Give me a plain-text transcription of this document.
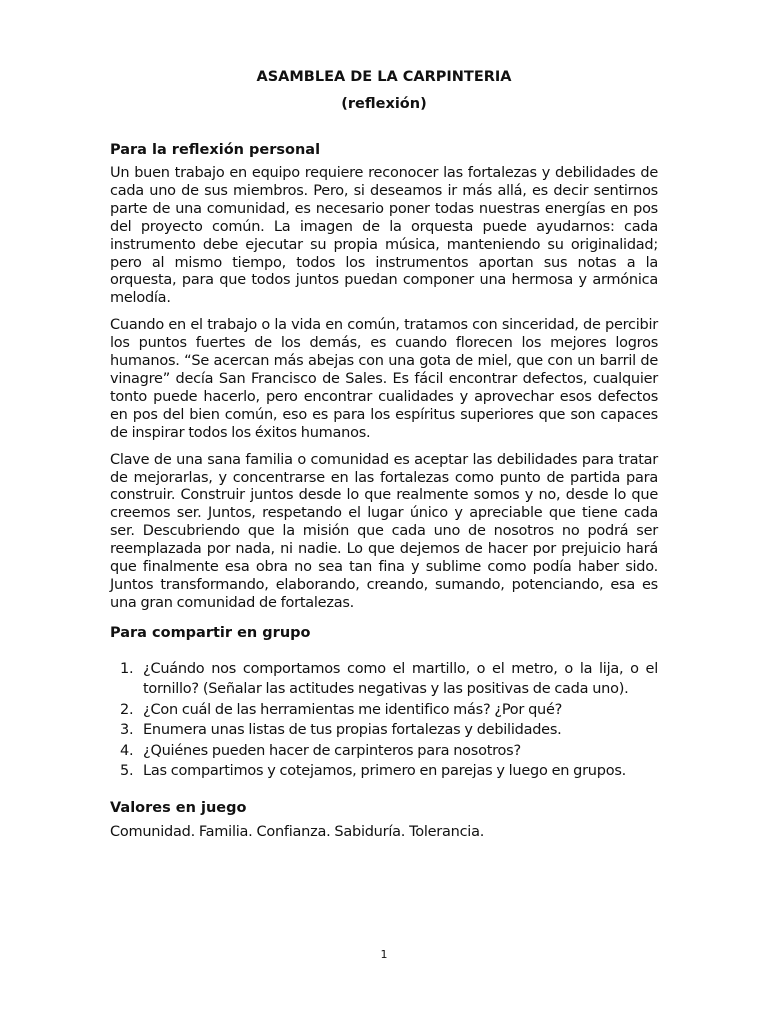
ASAMBLEA DE LA CARPINTERIA
(reflexión)
Para la reflexión personal

Un buen trabajo en equipo requiere reconocer las fortalezas y debilidades de cada uno de sus miembros. Pero, si deseamos ir más allá, es decir sentirnos parte de una comunidad, es necesario poner todas nuestras energías en pos del proyecto común. La imagen de la orquesta puede ayudarnos: cada instrumento debe ejecutar su propia música, manteniendo su originalidad; pero al mismo tiempo, todos los instrumentos aportan sus notas a la orquesta, para que todos juntos puedan componer una hermosa y armónica melodía.

Cuando en el trabajo o la vida en común, tratamos con sinceridad, de percibir los puntos fuertes de los demás, es cuando florecen los mejores logros humanos. “Se acercan más abejas con una gota de miel, que con un barril de vinagre” decía San Francisco de Sales. Es fácil encontrar defectos, cualquier tonto puede hacerlo, pero encontrar cualidades y aprovechar esos defectos en pos del bien común, eso es para los espíritus superiores que son capaces de inspirar todos los éxitos humanos.

Clave de una sana familia o comunidad es aceptar las debilidades para tratar de mejorarlas, y concentrarse en las fortalezas como punto de partida para construir. Construir juntos desde lo que realmente somos y no, desde lo que creemos ser. Juntos, respetando el lugar único y apreciable que tiene cada ser. Descubriendo que la misión que cada uno de nosotros no podrá ser reemplazada por nada, ni nadie. Lo que dejemos de hacer por prejuicio hará que finalmente esa obra no sea tan fina y sublime como podía haber sido. Juntos transformando, elaborando, creando, sumando, potenciando, esa es una gran comunidad de fortalezas.

Para compartir en grupo
1. ¿Cuándo nos comportamos como el martillo, o el metro, o la lija, o el tornillo? (Señalar las actitudes negativas y las positivas de cada uno).
2. ¿Con cuál de las herramientas me identifico más? ¿Por qué?
3. Enumera unas listas de tus propias fortalezas y debilidades.
4. ¿Quiénes pueden hacer de carpinteros para nosotros?
5. Las compartimos y cotejamos, primero en parejas y luego en grupos.
Valores en juego

Comunidad. Familia. Confianza. Sabiduría. Tolerancia.

1
